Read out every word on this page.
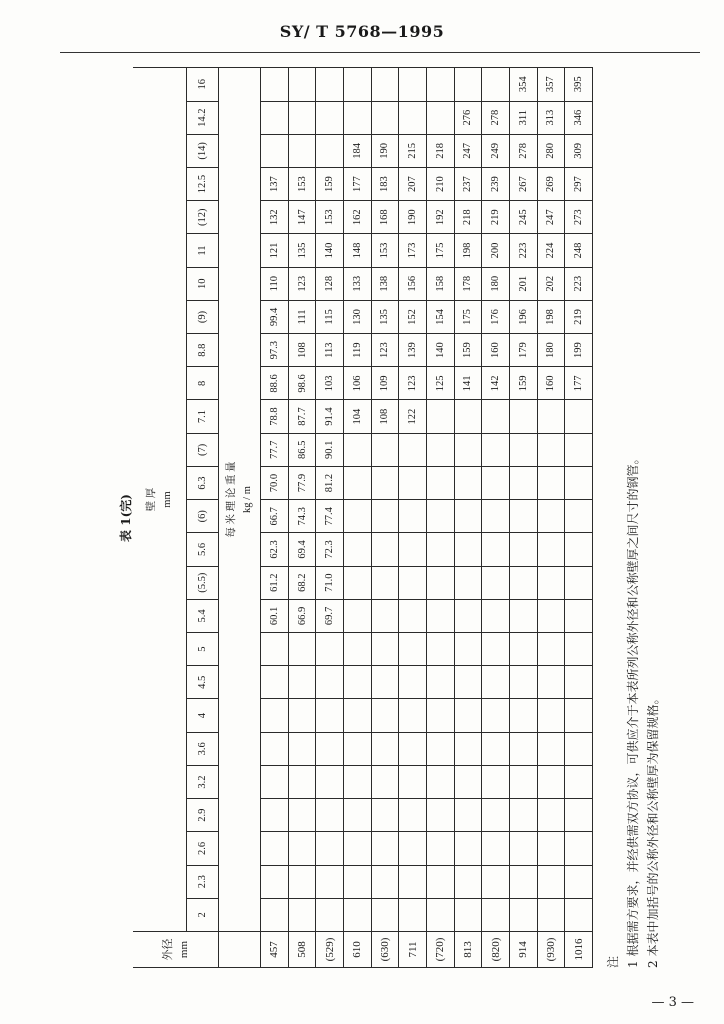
SY/ T 5768—1995
表 1(完)
外径 mm	壁 厚 mm																									

	2	2.3	2.6	2.9	3.2	3.6	4	4.5	5	5.4	(5.5)	5.6	(6)	6.3	(7)	7.1	8	8.8	(9)	10	11	(12)	12.5	(14)	14.2	16

	每 米 理 论 重 量 kg / m																									

457										60.1	61.2	62.3	66.7	70.0	77.7	78.8	88.6	97.3	99.4	110	121	132	137			
508										66.9	68.2	69.4	74.3	77.9	86.5	87.7	98.6	108	111	123	135	147	153			
(529)										69.7	71.0	72.3	77.4	81.2	90.1	91.4	103	113	115	128	140	153	159			
610																104	106	119	130	133	148	162	177	184		
(630)																108	109	123	135	138	153	168	183	190		
711																122	123	139	152	156	173	190	207	215		
(720)																	125	140	154	158	175	192	210	218		
813																	141	159	175	178	198	218	237	247	276	
(820)																	142	160	176	180	200	219	239	249	278	
914																	159	179	196	201	223	245	267	278	311	354
(930)																	160	180	198	202	224	247	269	280	313	357
1016																	177	199	219	223	248	273	297	309	346	395
注 1 根据需方要求，并经供需双方协议，可供应介于本表所列公称外径和公称壁厚之间尺寸的钢管。 2 本表中加括号的公称外径和公称壁厚为保留规格。
— 3 —
